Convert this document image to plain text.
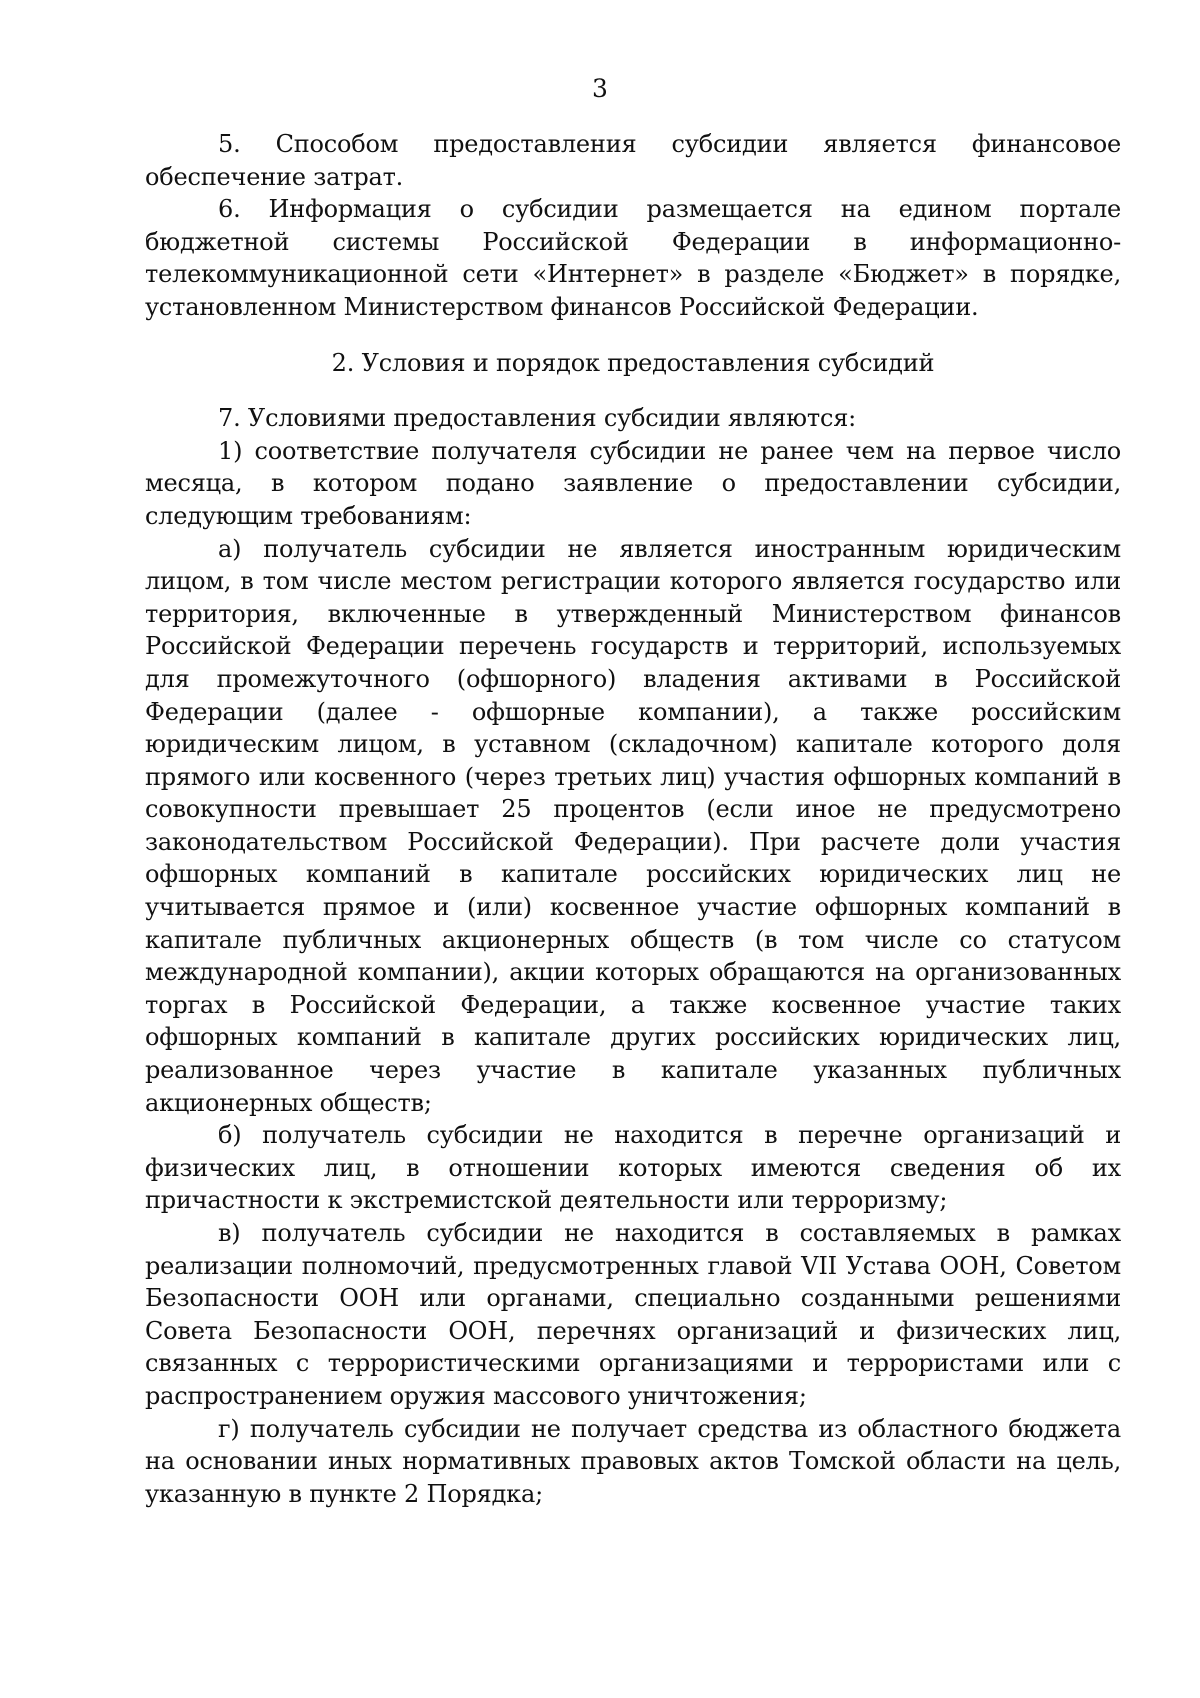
3

5. Способом предоставления субсидии является финансовое обеспечение затрат.

6. Информация о субсидии размещается на едином портале бюджетной системы Российской Федерации в информационно-телекоммуникационной сети «Интернет» в разделе «Бюджет» в порядке, установленном Министерством финансов Российской Федерации.

2. Условия и порядок предоставления субсидий

7. Условиями предоставления субсидии являются:

1) соответствие получателя субсидии не ранее чем на первое число месяца, в котором подано заявление о предоставлении субсидии, следующим требованиям:

а) получатель субсидии не является иностранным юридическим лицом, в том числе местом регистрации которого является государство или территория, включенные в утвержденный Министерством финансов Российской Федерации перечень государств и территорий, используемых для промежуточного (офшорного) владения активами в Российской Федерации (далее - офшорные компании), а также российским юридическим лицом, в уставном (складочном) капитале которого доля прямого или косвенного (через третьих лиц) участия офшорных компаний в совокупности превышает 25 процентов (если иное не предусмотрено законодательством Российской Федерации). При расчете доли участия офшорных компаний в капитале российских юридических лиц не учитывается прямое и (или) косвенное участие офшорных компаний в капитале публичных акционерных обществ (в том числе со статусом международной компании), акции которых обращаются на организованных торгах в Российской Федерации, а также косвенное участие таких офшорных компаний в капитале других российских юридических лиц, реализованное через участие в капитале указанных публичных акционерных обществ;

б) получатель субсидии не находится в перечне организаций и физических лиц, в отношении которых имеются сведения об их причастности к экстремистской деятельности или терроризму;

в) получатель субсидии не находится в составляемых в рамках реализации полномочий, предусмотренных главой VII Устава ООН, Советом Безопасности ООН или органами, специально созданными решениями Совета Безопасности ООН, перечнях организаций и физических лиц, связанных с террористическими организациями и террористами или с распространением оружия массового уничтожения;

г) получатель субсидии не получает средства из областного бюджета на основании иных нормативных правовых актов Томской области на цель, указанную в пункте 2 Порядка;
